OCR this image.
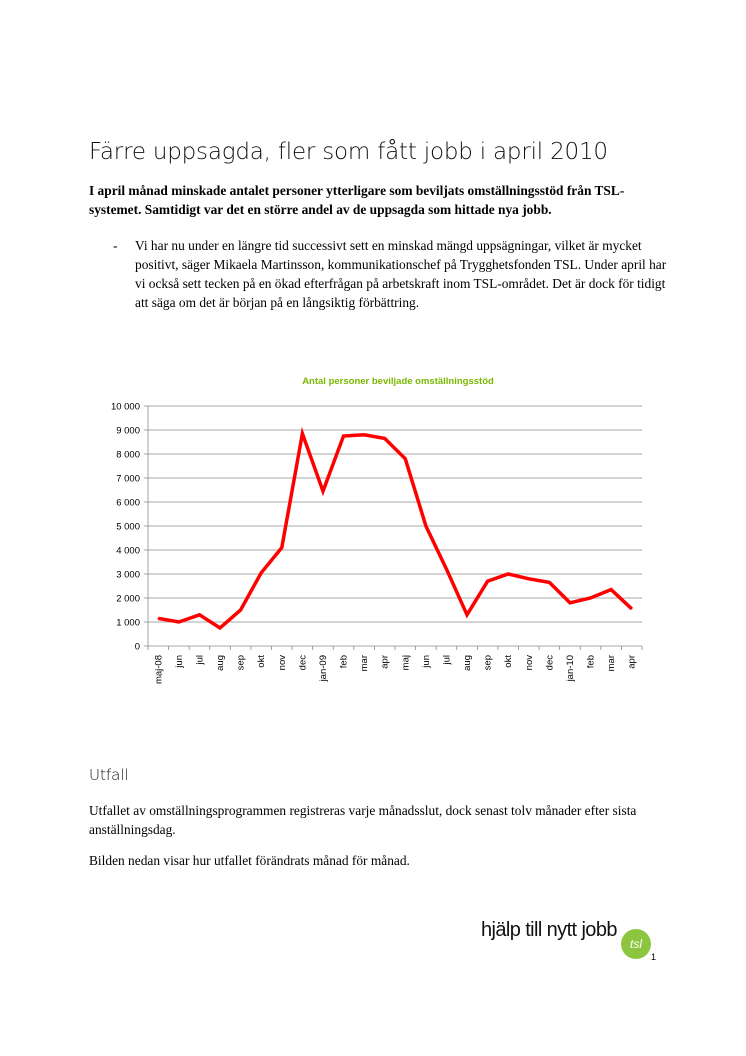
Färre uppsagda, fler som fått jobb i april 2010

I april månad minskade antalet personer ytterligare som beviljats omställningsstöd från TSL-systemet. Samtidigt var det en större andel av de uppsagda som hittade nya jobb.

- Vi har nu under en längre tid successivt sett en minskad mängd uppsägningar, vilket är mycket positivt, säger Mikaela Martinsson, kommunikationschef på Trygghetsfonden TSL. Under april har vi också sett tecken på en ökad efterfrågan på arbetskraft inom TSL-området. Det är dock för tidigt att säga om det är början på en långsiktig förbättring.
Antal personer beviljade omställningsstöd
0
1 000
2 000
3 000
4 000
5 000
6 000
7 000
8 000
9 000
10 000
maj-08 jun jul aug sep okt nov dec jan-09 feb mar apr maj jun jul aug sep okt nov dec jan-10 feb mar apr
Utfall

Utfallet av omställningsprogrammen registreras varje månadsslut, dock senast tolv månader efter sista anställningsdag.

Bilden nedan visar hur utfallet förändrats månad för månad.

hjälp till nytt jobb
tsl
1
